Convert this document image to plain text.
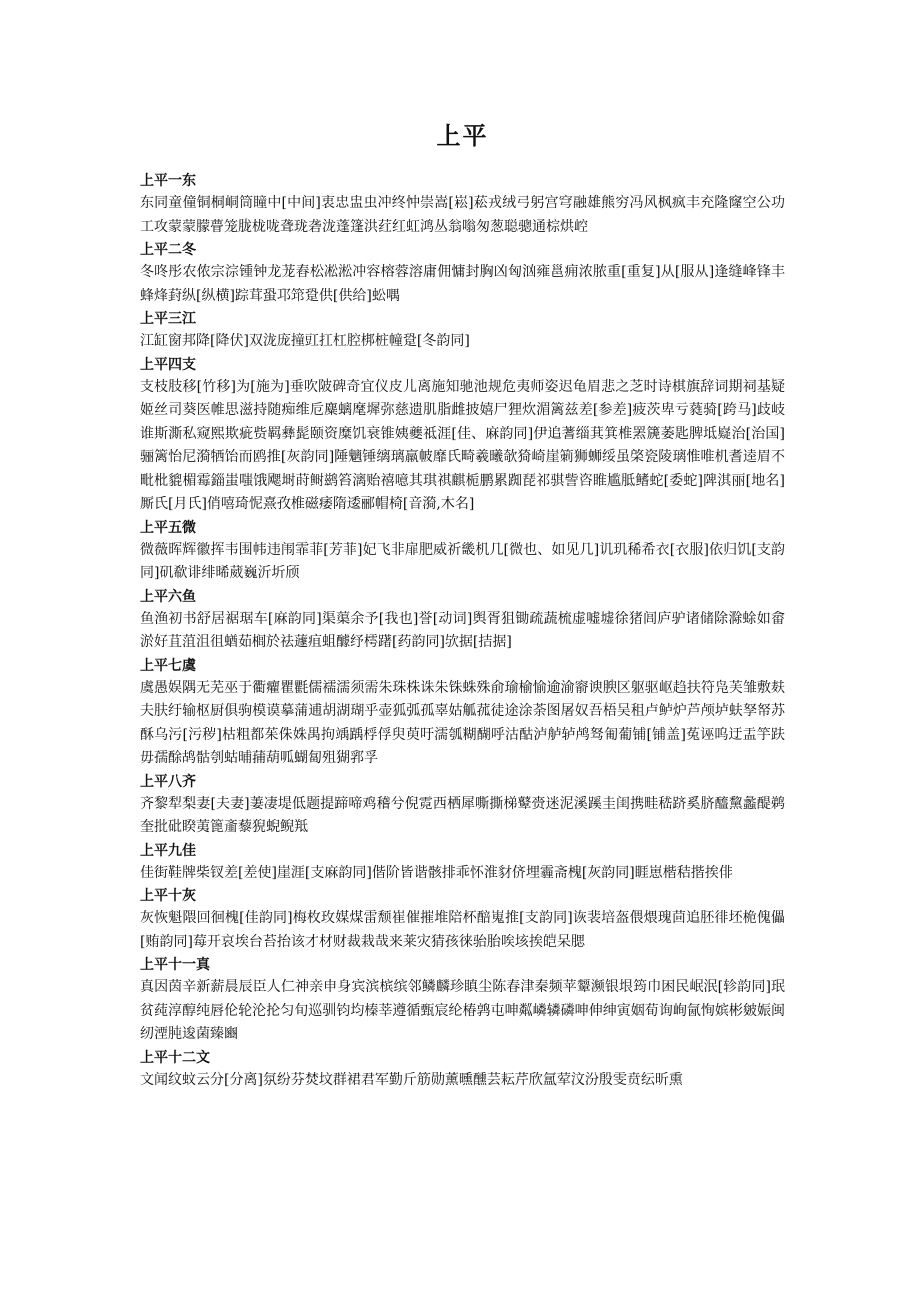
上平
上平一东

东同童僮铜桐峒筒瞳中[中间]衷忠盅虫冲终忡崇嵩[崧]菘戎绒弓躬宫穹融雄熊穷冯风枫疯丰充隆窿空公功工攻蒙蒙朦瞢笼胧栊咙聋珑砻泷蓬篷洪荭红虹鸿丛翁嗡匆葱聪骢通棕烘崆

上平二冬

冬咚彤农侬宗淙锺钟龙茏舂松凇淞冲容榕蓉溶庸佣慵封胸凶匈汹雍邕痈浓脓重[重复]从[服从]逢缝峰锋丰蜂烽葑纵[纵横]踪茸蛩邛筇跫供[供给]蚣喁

上平三江

江缸窗邦降[降伏]双泷庞撞豇扛杠腔梆桩幢跫[冬韵同]

上平四支

支枝肢移[竹移]为[施为]垂吹陂碑奇宜仪皮儿离施知驰池规危夷师姿迟龟眉悲之芝时诗棋旗辞词期祠基疑姬丝司葵医帷思滋持随痴维卮麋螭麾墀弥慈遗肌脂雌披嬉尸狸炊湄篱兹差[参差]疲茨卑亏蕤骑[跨马]歧岐谁斯澌私窥熙欺疵赀羁彝髭颐资糜饥衰锥姨夔祗涯[佳、麻韵同]伊追蓍缁萁箕椎罴篪萎匙脾坻嶷治[治国]骊篱怡尼漪牺饴而鸥推[灰韵同]陲魑锤缡璃羸帔靡氏畸羲曦欹猗崎崖箣狮蛳绥虽棨瓷陵璃惟唯机耆逵眉不毗枇貔楣霉錙蚩嗤饿飔埘莳鲥鹚笞漓贻禧噫其琪祺麒栀鹏累踟琵祁骐訾咨睢尴胝鳍蛇[委蛇]陴淇丽[地名]厮氏[月氏]俏嘻琦怩熹孜椎磁痿隋逶郦帽椅[音漪,木名]

上平五微

微薇晖辉徽挥韦围帏违闱霏菲[芳菲]妃飞非扉肥威祈畿机几[微也、如见几]讥玑稀希衣[衣服]依归饥[支韵同]矶欷诽绯晞葳巍沂圻颀

上平六鱼

鱼渔初书舒居裾琚车[麻韵同]渠蕖余予[我也]誉[动词]舆胥狙锄疏蔬梳虚嘘墟徐猪闾庐驴诸储除滁蜍如畲淤好苴菹沮徂蝤茹榈於祛蘧疽蛆醵纾樗躇[药韵同]欤据[拮据]

上平七虞

虞愚娱隅无芜巫于衢癯瞿氍儒襦濡须需朱珠株诛朱铢蛛殊俞瑜榆愉逾渝窬谀腴区躯驱岖趋扶符凫芙雏敷麸夫肤纡输枢厨俱驹模谟摹蒲逋胡湖瑚乎壶狐弧孤辜姑觚菰徒途涂荼图屠奴吾梧吴租卢鲈炉芦颅垆蚨孥帑苏酥乌污[污秽]枯粗都茱侏姝禺拘竬踽桴俘臾萸吁濡瓠糊醐呼沽酤泸舻轳鸬驽匍葡铺[铺盖]菟诬呜迂盂竽趺毋孺酴鸪骷刳蛄晡蒱葫呱蝴匐殂猢郛孚

上平八齐

齐黎犁梨妻[夫妻]萋凄堤低题提蹄啼鸡稽兮倪霓西栖犀嘶撕梯鼙赍迷泥溪蹊圭闺携畦嵇跻奚脐醯黧蠡醍鹈奎批砒睽荑篦齑藜猊蜺鲵羝

上平九佳

佳街鞋牌柴钗差[差使]崖涯[支麻韵同]偕阶皆谐骸排乖怀淮豺侪埋霾斋槐[灰韵同]睚崽楷秸揩挨俳

上平十灰

灰恢魁隈回徊槐[佳韵同]梅枚玫媒煤雷颓崔催摧堆陪杯醅嵬推[支韵同]诙裴培盔偎煨瑰茴追胚徘坯桅傀儡[贿韵同]莓开哀埃台苔抬该才材财裁栽哉来莱灾猜孩徕骀胎唉垓挨皑呆腮

上平十一真

真因茵辛新薪晨辰臣人仁神亲申身宾滨槟缤邻鳞麟珍瞋尘陈春津秦频苹颦濒银垠筠巾困民岷泯[轸韵同]珉贫莼淳醇纯唇伦轮沦抡匀旬巡驯钧均榛莘遵循甄宸纶椿鹑屯呻粼嶙辚磷呻伸绅寅姻荀询峋氤恂嫔彬皴娠闽纫湮肫逡菌臻豳

上平十二文

文闻纹蚊云分[分离]氛纷芬焚坟群裙君军勤斤筋勋薰曛醺芸耘芹欣氲荤汶汾殷雯贲纭昕熏
